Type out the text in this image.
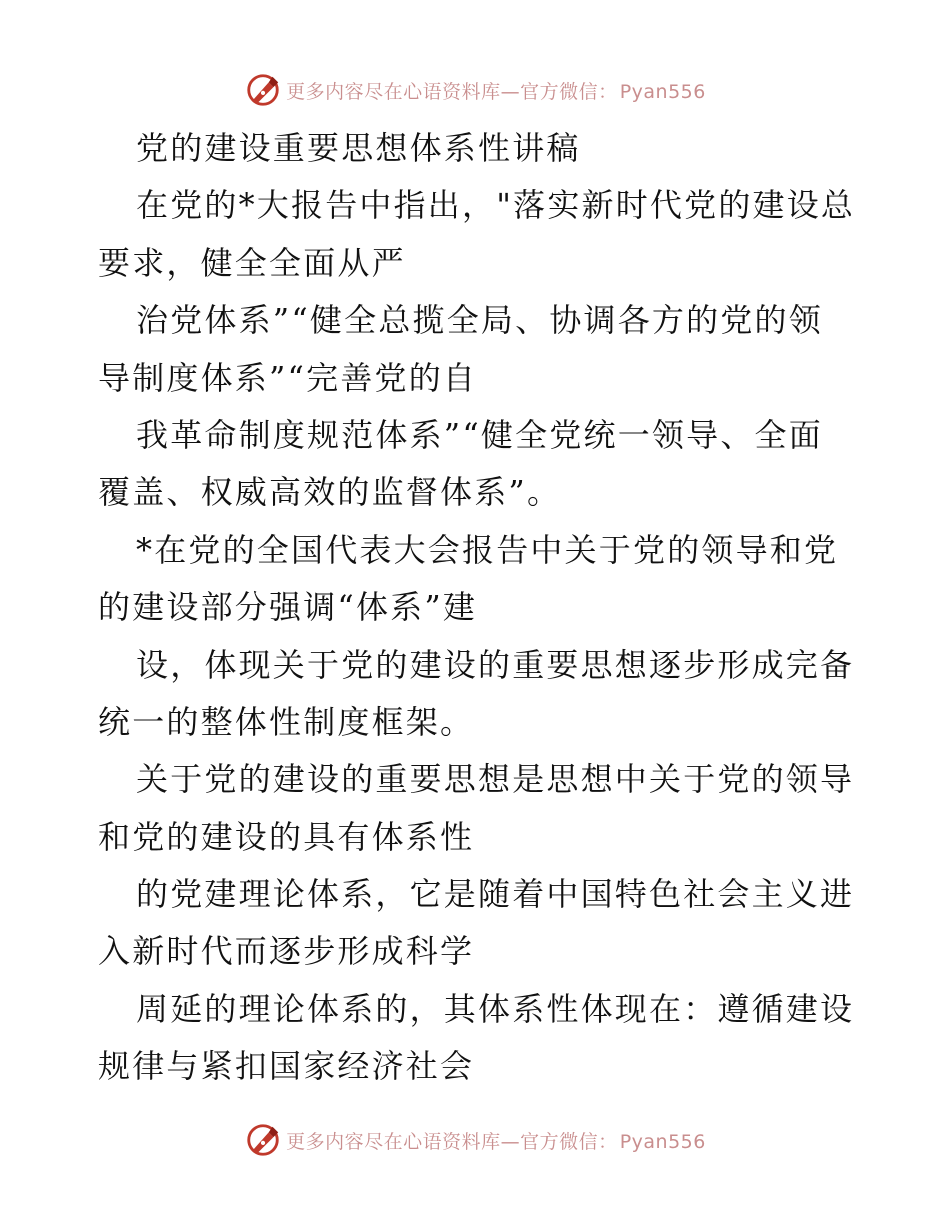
更多内容尽在心语资料库—官方微信： Pyan556
党的建设重要思想体系性讲稿
在党的*大报告中指出，"落实新时代党的建设总
要求，健全全面从严
治党体系”“健全总揽全局、协调各方的党的领
导制度体系”“完善党的自
我革命制度规范体系”“健全党统一领导、全面
覆盖、权威高效的监督体系”。
*在党的全国代表大会报告中关于党的领导和党
的建设部分强调“体系”建
设，体现关于党的建设的重要思想逐步形成完备
统一的整体性制度框架。
关于党的建设的重要思想是思想中关于党的领导
和党的建设的具有体系性
的党建理论体系，它是随着中国特色社会主义进
入新时代而逐步形成科学
周延的理论体系的，其体系性体现在：遵循建设
规律与紧扣国家经济社会
更多内容尽在心语资料库—官方微信： Pyan556
